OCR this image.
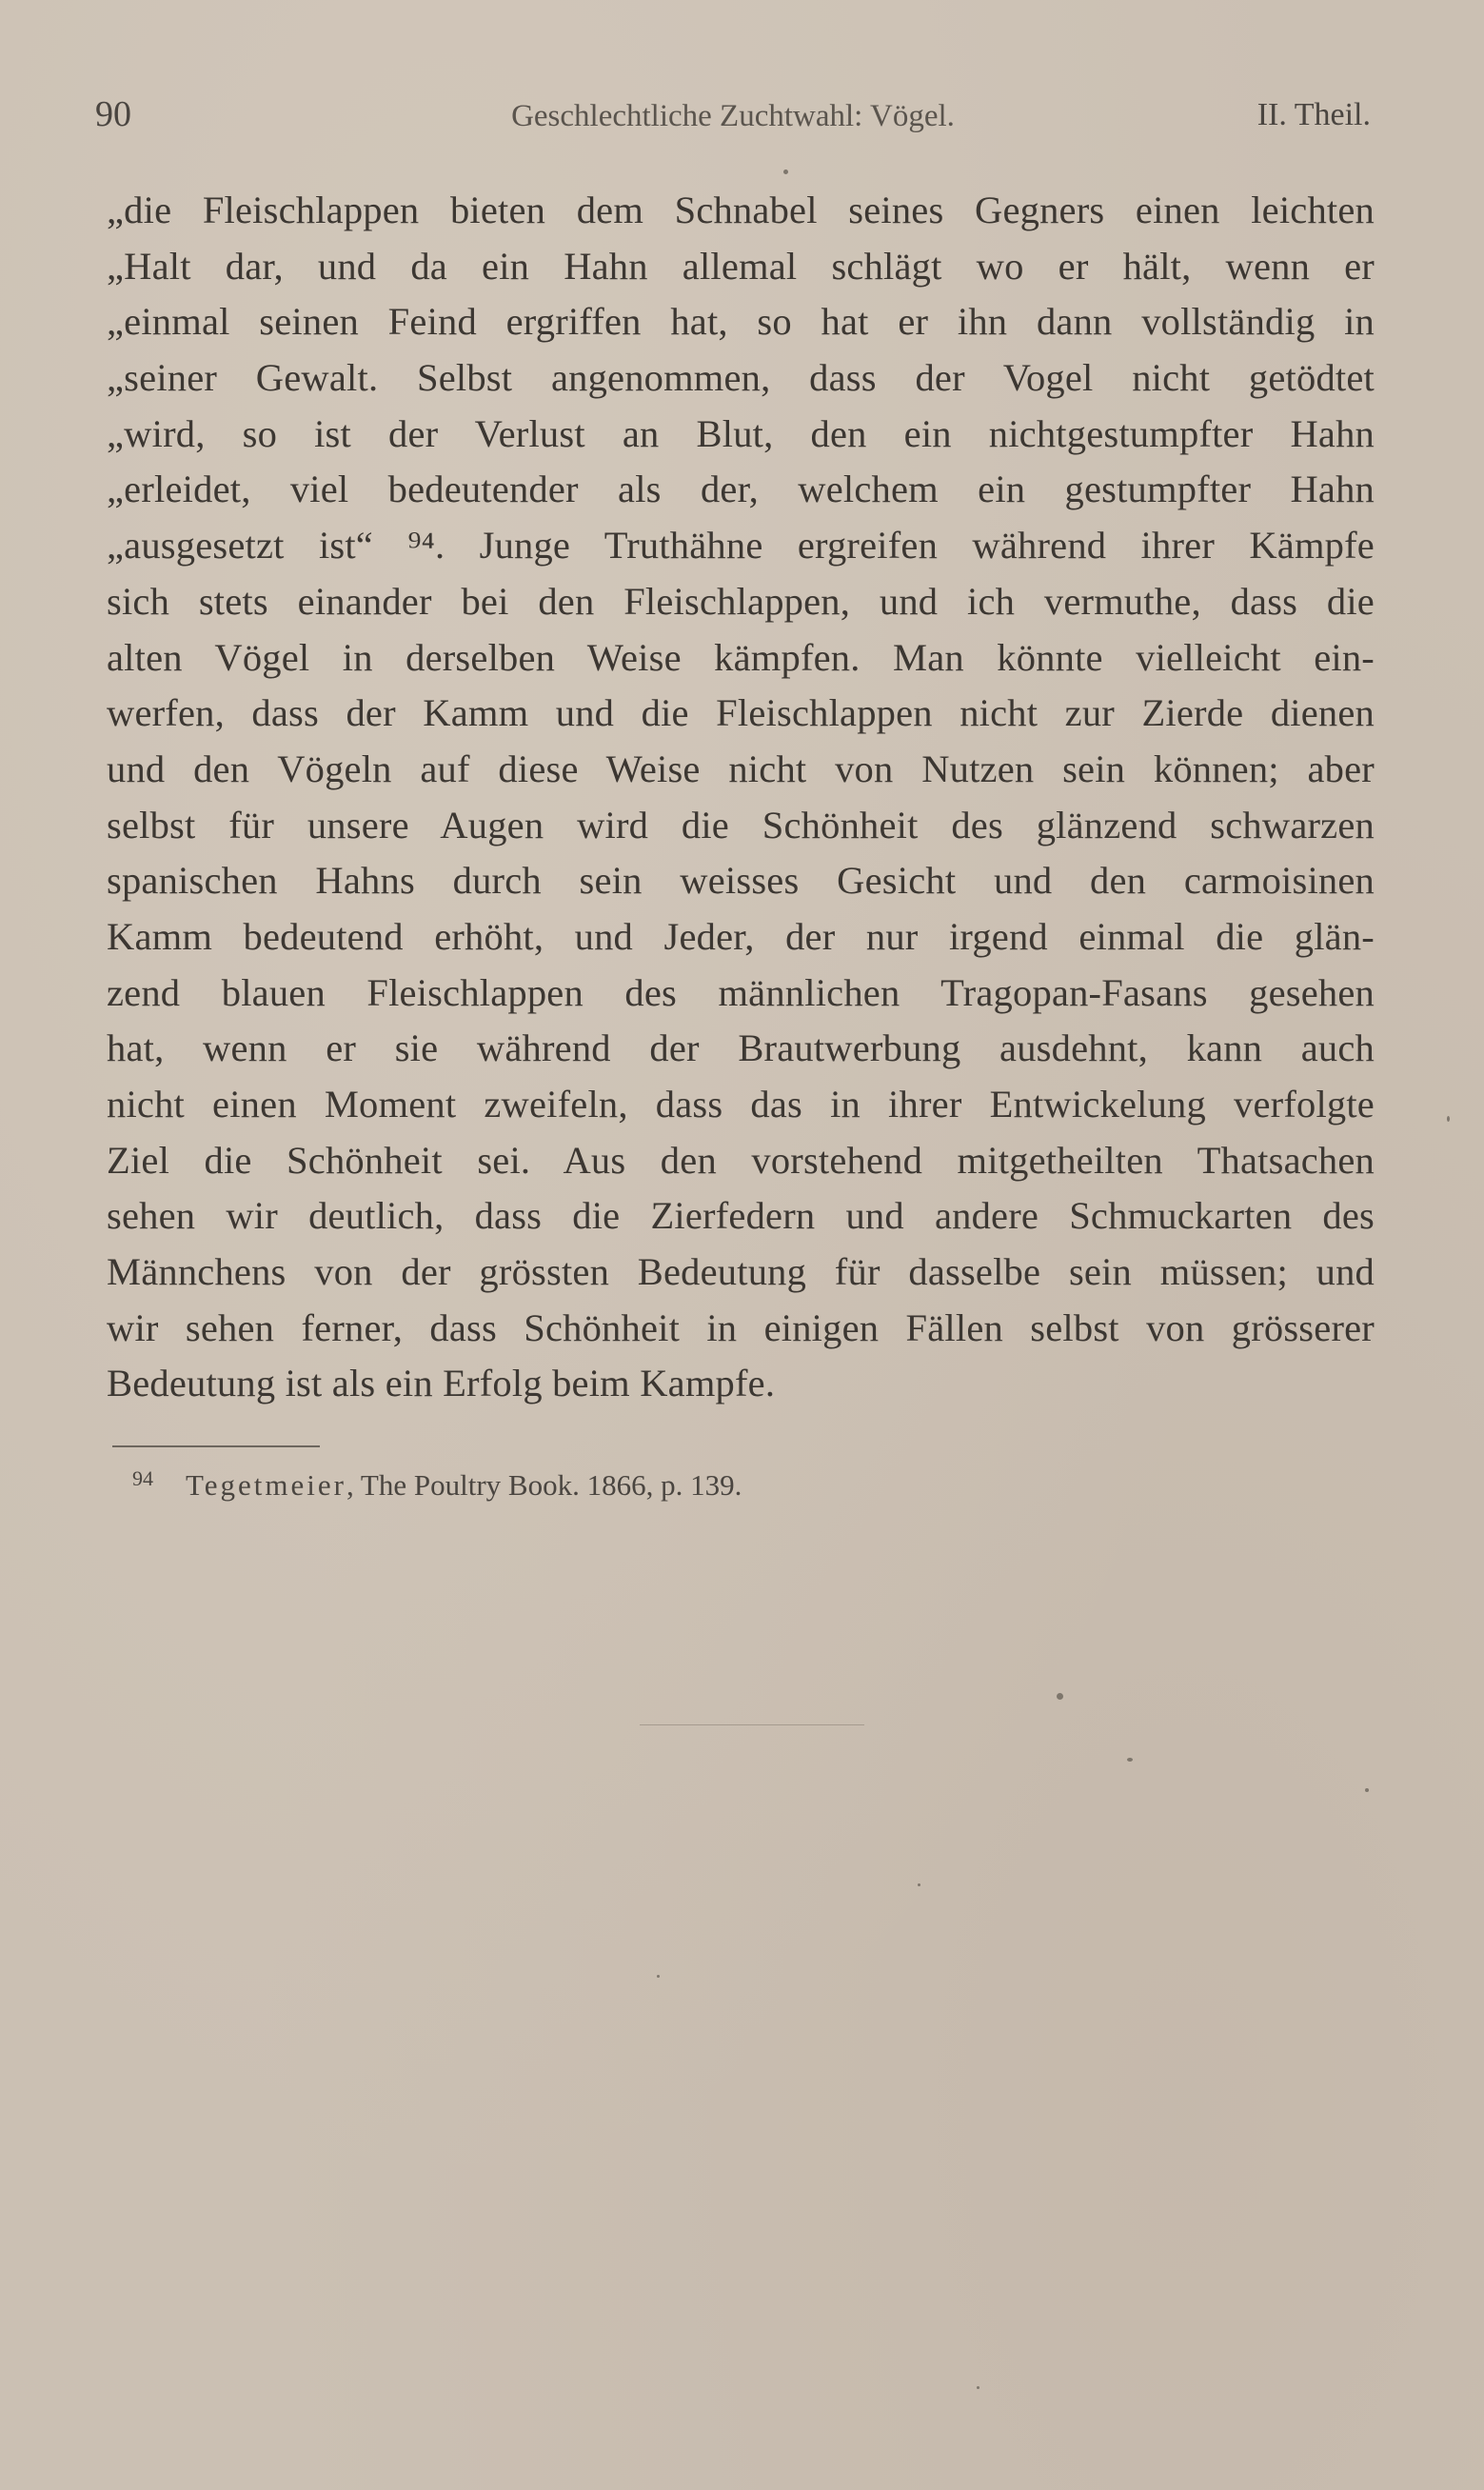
90	Geschlechtliche Zuchtwahl: Vögel.	II. Theil.
„die Fleischlappen bieten dem Schnabel seines Gegners einen leichten
„Halt dar, und da ein Hahn allemal schlägt wo er hält, wenn er
„einmal seinen Feind ergriffen hat, so hat er ihn dann vollständig in
„seiner Gewalt. Selbst angenommen, dass der Vogel nicht getödtet
„wird, so ist der Verlust an Blut, den ein nichtgestumpfter Hahn
„erleidet, viel bedeutender als der, welchem ein gestumpfter Hahn
„ausgesetzt ist“ ⁹⁴. Junge Truthähne ergreifen während ihrer Kämpfe
sich stets einander bei den Fleischlappen, und ich vermuthe, dass die
alten Vögel in derselben Weise kämpfen. Man könnte vielleicht ein-
werfen, dass der Kamm und die Fleischlappen nicht zur Zierde dienen
und den Vögeln auf diese Weise nicht von Nutzen sein können; aber
selbst für unsere Augen wird die Schönheit des glänzend schwarzen
spanischen Hahns durch sein weisses Gesicht und den carmoisinen
Kamm bedeutend erhöht, und Jeder, der nur irgend einmal die glän-
zend blauen Fleischlappen des männlichen Tragopan-Fasans gesehen
hat, wenn er sie während der Brautwerbung ausdehnt, kann auch
nicht einen Moment zweifeln, dass das in ihrer Entwickelung verfolgte
Ziel die Schönheit sei. Aus den vorstehend mitgetheilten Thatsachen
sehen wir deutlich, dass die Zierfedern und andere Schmuckarten des
Männchens von der grössten Bedeutung für dasselbe sein müssen; und
wir sehen ferner, dass Schönheit in einigen Fällen selbst von grösserer
Bedeutung ist als ein Erfolg beim Kampfe.
94 Tegetmeier, The Poultry Book. 1866, p. 139.
